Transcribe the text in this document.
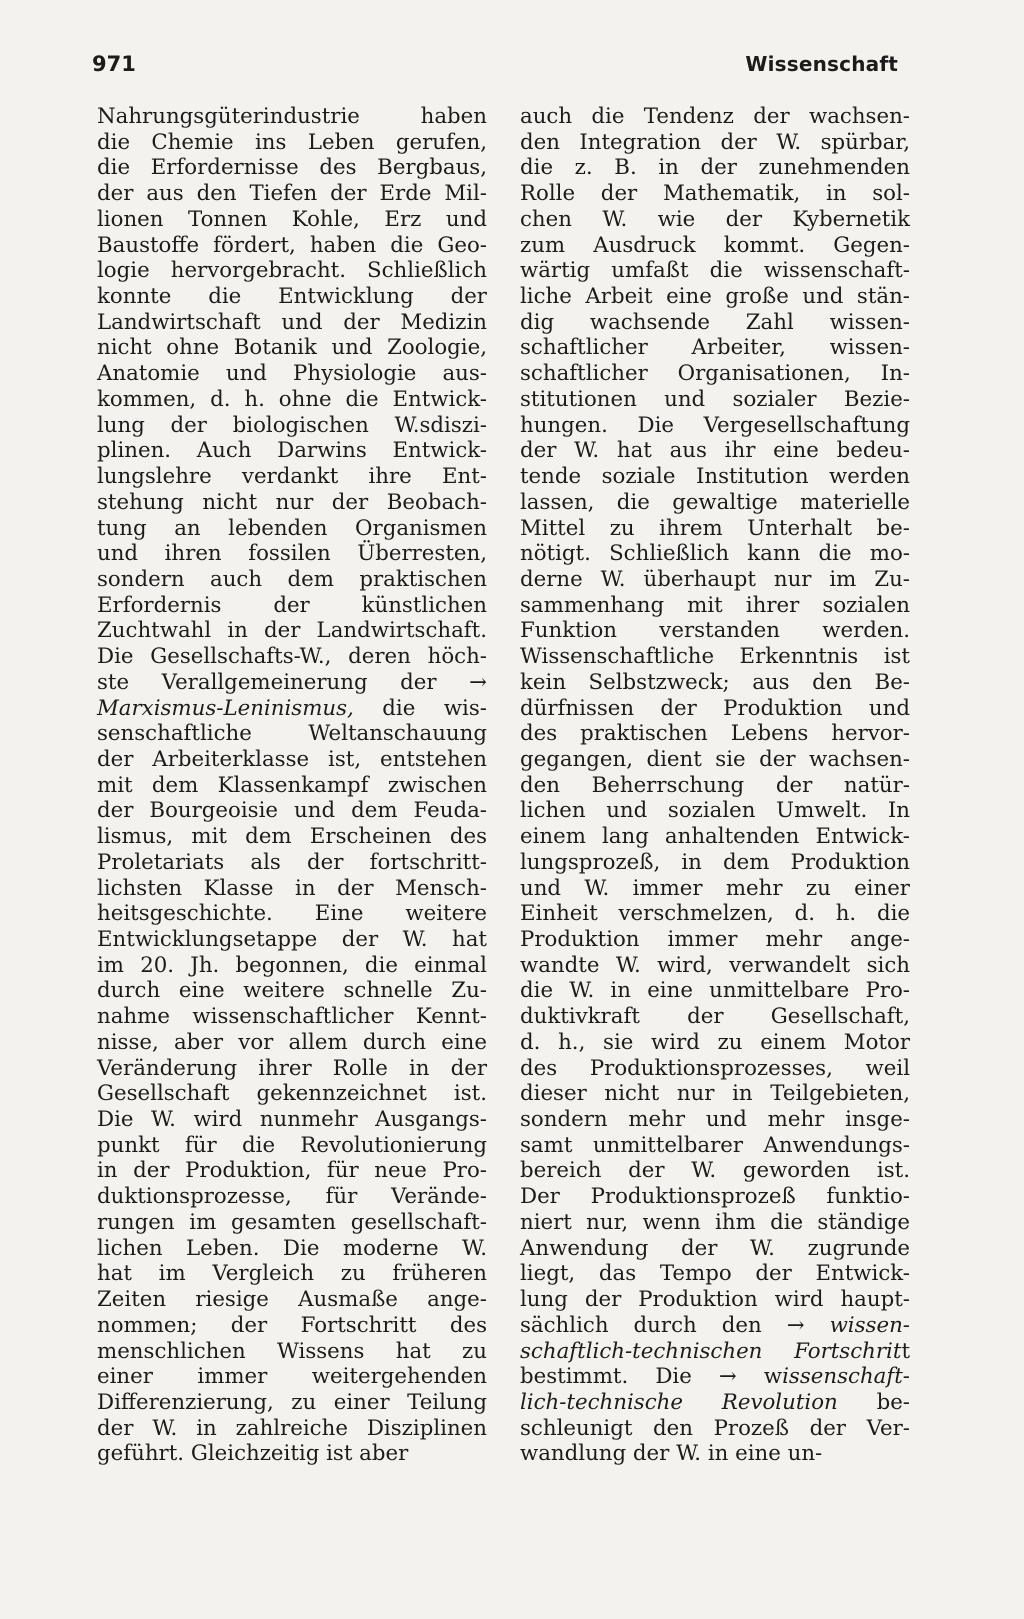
971	Wissenschaft
Nahrungsgüterindustrie haben
die Chemie ins Leben gerufen,
die Erfordernisse des Bergbaus,
der aus den Tiefen der Erde Mil-
lionen Tonnen Kohle, Erz und
Baustoffe fördert, haben die Geo-
logie hervorgebracht. Schließlich
konnte die Entwicklung der
Landwirtschaft und der Medizin
nicht ohne Botanik und Zoologie,
Anatomie und Physiologie aus-
kommen, d. h. ohne die Entwick-
lung der biologischen W.sdiszi-
plinen. Auch Darwins Entwick-
lungslehre verdankt ihre Ent-
stehung nicht nur der Beobach-
tung an lebenden Organismen
und ihren fossilen Überresten,
sondern auch dem praktischen
Erfordernis der künstlichen
Zuchtwahl in der Landwirtschaft.
Die Gesellschafts-W., deren höch-
ste Verallgemeinerung der →
Marxismus-Leninismus, die wis-
senschaftliche Weltanschauung
der Arbeiterklasse ist, entstehen
mit dem Klassenkampf zwischen
der Bourgeoisie und dem Feuda-
lismus, mit dem Erscheinen des
Proletariats als der fortschritt-
lichsten Klasse in der Mensch-
heitsgeschichte. Eine weitere
Entwicklungsetappe der W. hat
im 20. Jh. begonnen, die einmal
durch eine weitere schnelle Zu-
nahme wissenschaftlicher Kennt-
nisse, aber vor allem durch eine
Veränderung ihrer Rolle in der
Gesellschaft gekennzeichnet ist.
Die W. wird nunmehr Ausgangs-
punkt für die Revolutionierung
in der Produktion, für neue Pro-
duktionsprozesse, für Verände-
rungen im gesamten gesellschaft-
lichen Leben. Die moderne W.
hat im Vergleich zu früheren
Zeiten riesige Ausmaße ange-
nommen; der Fortschritt des
menschlichen Wissens hat zu
einer immer weitergehenden
Differenzierung, zu einer Teilung
der W. in zahlreiche Disziplinen
geführt. Gleichzeitig ist aber
auch die Tendenz der wachsen-
den Integration der W. spürbar,
die z. B. in der zunehmenden
Rolle der Mathematik, in sol-
chen W. wie der Kybernetik
zum Ausdruck kommt. Gegen-
wärtig umfaßt die wissenschaft-
liche Arbeit eine große und stän-
dig wachsende Zahl wissen-
schaftlicher Arbeiter, wissen-
schaftlicher Organisationen, In-
stitutionen und sozialer Bezie-
hungen. Die Vergesellschaftung
der W. hat aus ihr eine bedeu-
tende soziale Institution werden
lassen, die gewaltige materielle
Mittel zu ihrem Unterhalt be-
nötigt. Schließlich kann die mo-
derne W. überhaupt nur im Zu-
sammenhang mit ihrer sozialen
Funktion verstanden werden.
Wissenschaftliche Erkenntnis ist
kein Selbstzweck; aus den Be-
dürfnissen der Produktion und
des praktischen Lebens hervor-
gegangen, dient sie der wachsen-
den Beherrschung der natür-
lichen und sozialen Umwelt. In
einem lang anhaltenden Entwick-
lungsprozeß, in dem Produktion
und W. immer mehr zu einer
Einheit verschmelzen, d. h. die
Produktion immer mehr ange-
wandte W. wird, verwandelt sich
die W. in eine unmittelbare Pro-
duktivkraft der Gesellschaft,
d. h., sie wird zu einem Motor
des Produktionsprozesses, weil
dieser nicht nur in Teilgebieten,
sondern mehr und mehr insge-
samt unmittelbarer Anwendungs-
bereich der W. geworden ist.
Der Produktionsprozeß funktio-
niert nur, wenn ihm die ständige
Anwendung der W. zugrunde
liegt, das Tempo der Entwick-
lung der Produktion wird haupt-
sächlich durch den → wissen-
schaftlich-technischen Fortschritt
bestimmt. Die → wissenschaft-
lich-technische Revolution be-
schleunigt den Prozeß der Ver-
wandlung der W. in eine un-
